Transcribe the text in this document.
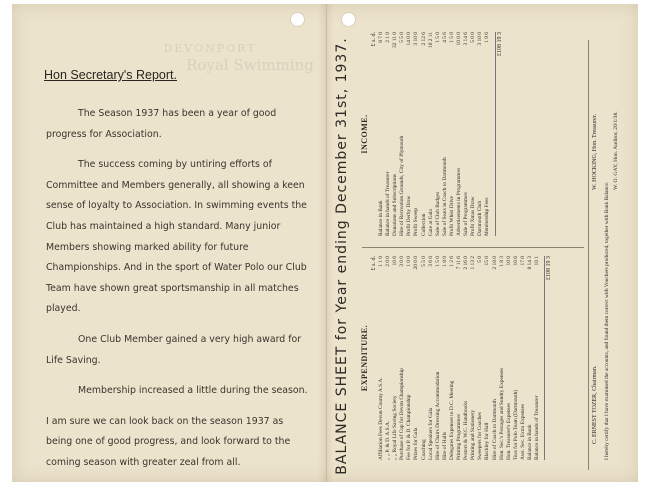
DEVONPORT
Royal Swimming
Hon Secretary's Report.

The Season 1937 has been a year of good progress for Association.

The success coming by untiring efforts of Committee and Members generally, all showing a keen sense of loyalty to Association. In swimming events the Club has maintained a high standard. Many junior Members showing marked ability for future Championships. And in the sport of Water Polo our Club Team have shown great sportsmanship in all matches played.

One Club Member gained a very high award for Life Saving.

Membership increased a little during the season.

I am sure we can look back on the season 1937 as being one of good progress, and look forward to the coming season with greater zeal from all.	BALANCE SHEET for Year ending December 31st, 1937. EXPENDITURE.
£ s. d.
Affiliation Fees Devon County A.S.A.
1 1 0
„ „ P. & D. A.S.A.
2 0 0
„ „ Royal Life Saving Society
10 6
Purchase of Cup for Devon Championship
3 0 0
Fee for P. & D. Championship
1 0 0
Prizes for Gala
20 0 0
Coaching
5 5 0
Local Speakers for Gala
3 6 0
Hire of Chairs Dressing Accommodation
1 5 0
Hire of Halls
1 8 0
Delegates Expenses to D.C. Meeting
1 2 6
Printing Programmes
7 11 6
Posters & W.C. Handbooks
2 16 0
Printing and Stationery
1 13 2
Sweepers for Coaches
5 0
Blackley for Hall
15 0
Hire of Coach to Dartmouth
2 18 0
Hon. Sec.'s Postages and Sundry Expenses
1 8 3
Hon. Treasurer's Expenses
10 0
Teas for Polo Team (Dartmouth)
10 6
Asst. Sec. Extra Expenses
17 0
Balance in Bank
8 14 3
Balance in hands of Treasurer
10 1	£108 19 3
INCOME.
£ s. d.
Balance in Bank
8 7 0
Balance in hands of Treasurer
2 1 0
Donations and Subscriptions
32 11 0
Hire of Recreation Grounds, City of Plymouth
5 5 0
Profit Derby Draw
14 0 0
Profit Sweep
3 10 0
Collection
2 12 6
Gate at Gala
10 2 11
Sale of Club Badges
1 5 0
Sale of Seats in Coach to Dartmouth
4 5 6
Profit Whist Drive
1 5 0
Advertisements in Programmes
10 0 0
Sale of Programmes
3 14 6
Profit Xmas Draw
5 0 0
Dartmouth Club
3 10 0
Membership Fees
1 9 6	£108 19 3
C. ERNEST TOZER, Chairman.
W. HOCKING, Hon. Treasurer.
I hereby certify that I have examined the accounts, and found them correct with Vouchers produced, together with Bank Balance.
W. O. GAY, Hon. Auditor, 20/1/38.
